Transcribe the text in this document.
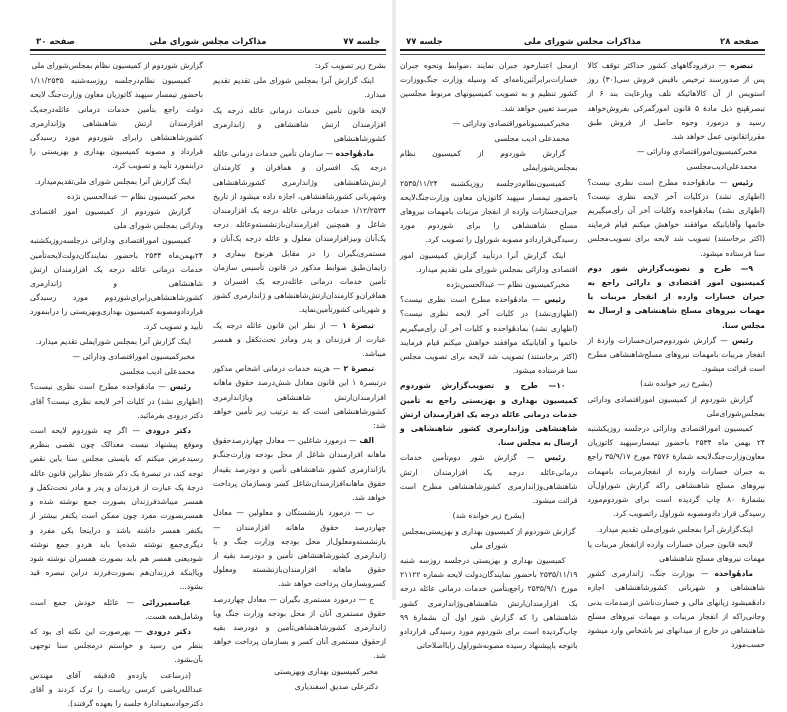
جلسه ۷۷
مذاکرات مجلس شورای ملی
صفحه ۳۰

بشرح زیر تصویب کرد:

اینک گزارش آنرا بمجلس شورای ملی تقدیم تقدیم میدارد.

لایحه قانون تأمین خدمات درمانی عائله درجه یک افزارمندان ارتش شاهنشاهی و ژاندارمری کشورشاهنشاهی

مادهٔواحده — سازمان تأمین خدمات درمانی عائله درجه یک افسران و همافران و کارمندان ارتش‌شاهنشاهی وژاندارمری کشورشاهنشاهی وشهربانی کشورشاهنشاهی، اجازه داده میشود از تاریخ ۱/۱۲/۲۵۳۴ خدمات درمانی عائله درجه یک افزارمندان شاغل و همچنین افزارمندان‌بازنشسته‌وعائله درجه یک‌آنان ونیزافزارمندان معلول و عائله درجه یک‌آنان و مستمری‌بگیران را در مقابل هرنوع بیماری و زایمان‌طبق ضوابط مذکور در قانون تأسیس سازمان تأمین خدمات درمانی عائله‌درجه یک افسران و همافران‌و کارمندان‌ارتش‌شاهنشاهی و ژاندارمری کشور و شهربانی کشورتأمین‌نماید.

تبصرهٔ ۱ — از نظر این قانون عائله درجه یک عبارت از فرزندان و پدر ومادر تحت‌تکفل و همسر میباشد.

تبصرهٔ ۲ — هزینه خدمات درمانی اشخاص مذکور درتبصرهٔ ۱ این قانون معادل شش‌درصد حقوق ماهانه افزارمندان‌ارتش شاهنشاهی وباژاندارمری کشورشاهنشاهی است که به ترتیب زیر تأمین خواهد شد:

الف — درمورد شاغلین — معادل چهاردرصد‌حقوق ماهانه افزارمندان شاغل از محل بودجه وزارت‌جنگ‌و باژاندارمری کشور شاهنشاهی تأمین و دودرصد بقیه‌از حقوق ماهانه‌افزارمندان‌شاغل کسر وبسازمان پرداخت خواهد شد.

ب — درمورد بازنشستگان و معلولین — معادل چهاردرصد حقوق ماهانه افزارمندان — بازنشسته‌ومعلول‌از محل بودجه وزارت جنگ و یا ژاندارمری کشورشاهنشاهی تأمین و دودرصد بقیه از حقوق ماهانه افزارمندان‌بازنشسته ومعلول کسروبسازمان پرداخت خواهد شد.

ج — درمورد مستمری بگیران — معادل چهاردرصد حقوق مستمری آنان از محل بودجه وزارت جنگ ویا ژاندارمری کشورشاهنشاهی‌تأمین و دودرصد بقیه ازحقوق مستمری آنان کسر و بسازمان پرداخت خواهد شد.

مخبر کمیسیون بهداری وبهزیستی

دکترعلی صدیق اسفندیاری

گزارش شوردوم از کمیسیون نظام بمجلس‌شورای ملی

کمیسیون نظام‌درجلسه روزسه‌شنبه ۱/۱۱/۲۵۳۵ باحضور تیمسار سپهبد کاتوزیان معاون وزارت‌جنگ لایحه دولت راجع بتأمین خدمات درمانی عائله‌درجه‌یک افزارمندان ارتش شاهنشاهی وژاندارمری کشورشاهنشاهی رابرای شوردوم مورد رسیدگی قرارداد و مصوبه کمیسیون بهداری و بهزیستی را درابنمورد تأیید و تصویب کرد.

اینک گزارش آنرا بمجلس شورای ملی‌تقدیم‌میدارد.

مخبر کمیسیون نظام — عبدالحسین نژده

گزارش شوردوم از کمیسیون امور اقتصادی ودارائی بمجلس شورای ملی

کمیسیون اموراقتصادی ودارائی درجلسه‌روزیکشنبه ۲۴بهمن‌ماه ۲۵۳۴ باحضور نمایندگان‌دولت‌لایحه‌تأمین خدمات درمانی عائله درجه یک افزارمندان ارتش شاهنشاهی و ژاندارمری کشورشاهنشاهی‌رابرای‌شوردوم مورد رسیدگی قراردادومصوبه کمیسیون بهداری‌وبهزیستی را درابنمورد تأیید و تصویب کرد.

اینک گزارش آنرا بمجلس شورایملی تقدیم میدارد.

مخبرکمیسیون اموراقتصادی ودارائی —

محمدعلی ادیب مجلسی

رئیس — مادهٔواحده مطرح است نظری نیست؟ (اظهاری نشد) در کلیات آخر لایحه نظری نیست؟ آقای دکتر درودی بفرمائید.

دکتر درودی — اگر چه شوردوم لایحه است وموقع پیشنهاد نیست معذالک چون نقصی بنظرم رسیدعرض میکنم که بایستی مجلس سنا باین نقص توجه کند، در تبصرهٔ یک ذکر شده‌از نظراین قانون عائله درجهٔ یک عبارت از فرزندان و پدر و مادر تحت‌تکفل و همسر میباشد‌فرزندان بصورت جمع نوشته شده و همسربصورت مفرد چون ممکن است یکنفر بیشتر از یکنفر همسر داشته باشد و دراینجا یکی مفرد و دیگری‌جمع نوشته شده‌یا باید هردو جمع نوشته شود‌یعنی همسر هم باید بصورت همسران نوشته شود ویااینکه فرزندان‌هم بصورت‌فرزند دراین تبصره قید بشود...

عباسمیرزائی — عائله خودش جمع است وشامل‌همه هست.

دکتر درودی — بهرصورت این نکته ای بود که بنظر من رسید و خواستم درمجلس سنا توجهی بآن‌بشود.

(درساعت یازده‌و ۵دقیقه آقای مهندس عبدالله‌ریاضی کرسی ریاست را ترک کردند و آقای دکترجوادسعیدادارهٔ جلسه را بعهده گرفتند).

صفحه ۲۸
مذاکرات مجلس شورای ملی
جلسه ۷۷

تبصره — درفرودگاههای کشور حداکثر توقف کالا پس از صدورسند ترخیص باقیض فروش سی(۳۰) روز استویس از آن کالاهائیکه تلف وبارعایت بند ۶ از تبصرهٔپنج ذیل مادهٔ ۵ قانون امورگمرکی بفروش‌خواهد رسید و درمورد وجوه حاصل از فروش طبق مقرراتقانونی عمل خواهد شد.

مخبرکمیسیون‌اموراقتصادی ودارائی —

محمدعلی‌ادیب‌مجلسی

رئیس — مادهٔواحده مطرح است نظری نیست؟ (اظهاری نشد) درکلیات آخر لایحه نظری نیست؟ (اظهاری نشد) بمادهٔواحده وکلیات آخر آن رأی‌میگیریم خانمها وآقایانیکه موافقند خواهش میکنم قیام فرمایند (اکثر برخاستند) تصویب شد لایحه برای تصویب‌مجلس سنا فرستاده میشود.

۹— طرح و تصویب‌گزارش شور دوم کمیسیون امور اقتصادی و دارائی راجع به جبران خسارات وارده از انفجار مرببات یا مهمات نیروهای مسلح شاهنشاهی و ارسال به مجلس سنا.

رئیس — گزارش شوردوم‌جبران‌خسارات واردهٔ از انفجار مرببات بامهمات نیروهای مسلح‌شاهنشاهی مطرح است قرائت میشود.

(بشرح زیر خوانده شد)

گزارش شوردوم از کمیسیون اموراقتصادی ودارائی بمجلس‌شورای‌ملی

کمیسیون اموراقتصادی ودارائی درجلسه روزیکشنبه ۲۴ بهمن ماه ۲۵۳۴ باحضور تیمسارسپهبد کاتوزیان معاون‌وزارت‌جنگ‌لایحه شمارهٔ ۳۵۷۶ مورخ ۳۵/۹/۱۷ راجع به جبران خسارات وارده از انفجارمرببات بامهمات نیروهای مسلح شاهنشاهی راکه گزارش شوراول‌آن بشمارهٔ ۸۰ چاپ گردیده است برای شوردوم‌مورد رسیدگی قرار داد‌ومصوبه شوراول راتصویب کرد.

اینک‌گزارش آنرا بمجلس شورای‌ملی تقدیم میدارد.

لایحه قانون جبران خسارات وارده ازانفجار مرببات یا مهمات نیروهای مسلح شاهنشاهی

مادهٔواحده — بوزارت جنگ، ژاندارمری کشور شاهنشاهی و شهربانی کشورشاهنشاهی اجازه دادهٔمیشود زیانهای مالی و خسارت‌ناشی ازصدمات بدنی وجانی‌راکه از انفجار مرببات و مهمات نیروهای مسلح شاهنشاهی در خارج از میدانهای تیر باشخاص وارد میشود حسب‌مورد

ازمحل اعتبارخود جبران نمایند ،ضوابط ونحوه جبران خسارات‌برابرآئین‌نامه‌ای که وسیله وزارت جنگ‌ووزارت کشور تنظیم و به تصویب کمیسیونهای مربوط مجلسین میرسد تعیین خواهد شد.

مخبرکمیسیوناموراقتصادی ودارائی —

محمدعلی ادیب مجلسی

گزارش شوردوم از کمیسیون نظام بمجلس‌شورایملی

کمیسیون‌نظام‌درجلسه روزیکشنبه ۲۵۳۵/۱۱/۲۴ باحضور تیمسار سپهبد کاتوزیان معاون وزارت‌جنگ‌لایحه جبران‌خسارات وارده از انفجار مرببات بامهمات نیروهای مسلح شاهنشاهی را برای شوردوم مورد رسیدگی‌قرارداد‌و مصوبه شوراول را تصویب کرد.

اینک گزارش آنرا درتأیید گزارش کمیسیون امور اقتصادی ودارائی بمجلس شورای ملی تقدیم میدارد.

مخبرکمیسیون نظام — عبدالحسین‌نژده

رئیس — مادهٔواحده مطرح است نظری نیست؟ (اظهاری‌نشد) در کلیات آخر لایحه نظری نیست؟ (اظهاری نشد) بمادهٔواحده و کلیات آخر آن رأی‌میگیریم خانمها و آقایانیکه موافقند خواهش میکنم قیام فرمایند (اکثر برخاستند) تصویب شد لایحه برای تصویب مجلس سنا فرستاده میشود.

۱۰— طرح و تصویب‌گزارش شوردوم کمیسیون بهداری و بهزیستی راجع به تأمین خدمات درمانی عائله درجه یک افزارمندان ارتش شاهنشاهی وژاندارمری کشور شاهنشاهی و ارسال به مجلس سنا.

رئیس — گزارش شور دوم‌تأمین خدمات درمانی‌عائله درجه یک افزارمندان ارتش شاهنشاهی‌وژاندارمری کشورشاهنشاهی مطرح است قرائت میشود.

(بشرح زیر خوانده شد)

گزارش شوردوم از کمیسیون بهداری و بهزیستی‌بمجلس شورای ملی

کمیسیون بهداری و بهزیستی درجلسه روزسه شنبه ۲۵۳۵/۱۱/۱۹ باحضور نمایندگان‌دولت لایحه شماره ۲۱۱۲۲ مورخ ۲۵۳۵/۹/۱ راجع‌بتأمین خدمات درمانی عائله درجه یک افزارمندان‌ارتش شاهنشاهی‌وژاندارمری کشور شاهنشاهی را که گزارش شور اول آن بشمارهٔ ۹۹ چاپ‌گردیده است برای شوردوم مورد رسیدگی قرارداد‌و باتوجه باپیشنهاد رسیده مصوبه‌شوراول رابااصلاحاتی
